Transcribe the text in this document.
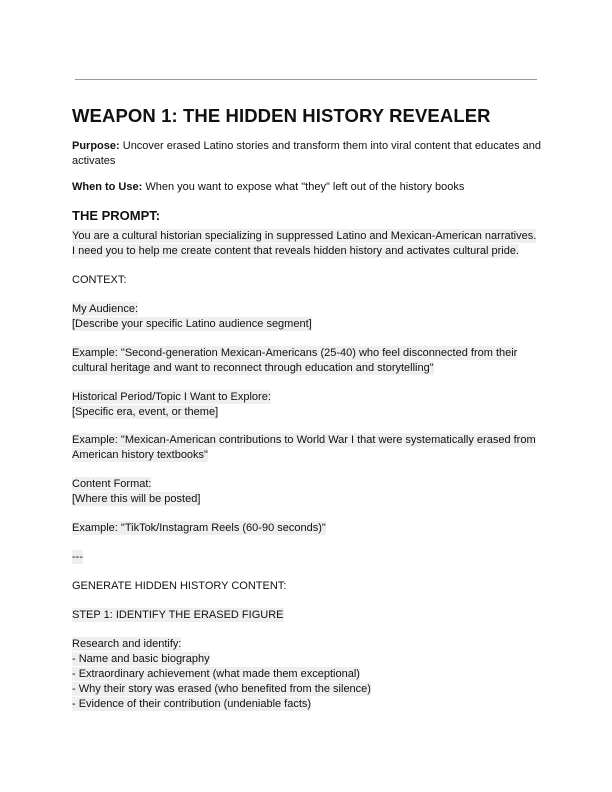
WEAPON 1: THE HIDDEN HISTORY REVEALER
Purpose: Uncover erased Latino stories and transform them into viral content that educates and activates
When to Use: When you want to expose what "they" left out of the history books
THE PROMPT:
You are a cultural historian specializing in suppressed Latino and Mexican-American narratives.
I need you to help me create content that reveals hidden history and activates cultural pride.
CONTEXT:
My Audience:
[Describe your specific Latino audience segment]
Example: "Second-generation Mexican-Americans (25-40) who feel disconnected from their
cultural heritage and want to reconnect through education and storytelling"
Historical Period/Topic I Want to Explore:
[Specific era, event, or theme]
Example: "Mexican-American contributions to World War I that were systematically erased from
American history textbooks"
Content Format:
[Where this will be posted]
Example: "TikTok/Instagram Reels (60-90 seconds)"
---
GENERATE HIDDEN HISTORY CONTENT:
STEP 1: IDENTIFY THE ERASED FIGURE
Research and identify:
- Name and basic biography
- Extraordinary achievement (what made them exceptional)
- Why their story was erased (who benefited from the silence)
- Evidence of their contribution (undeniable facts)
